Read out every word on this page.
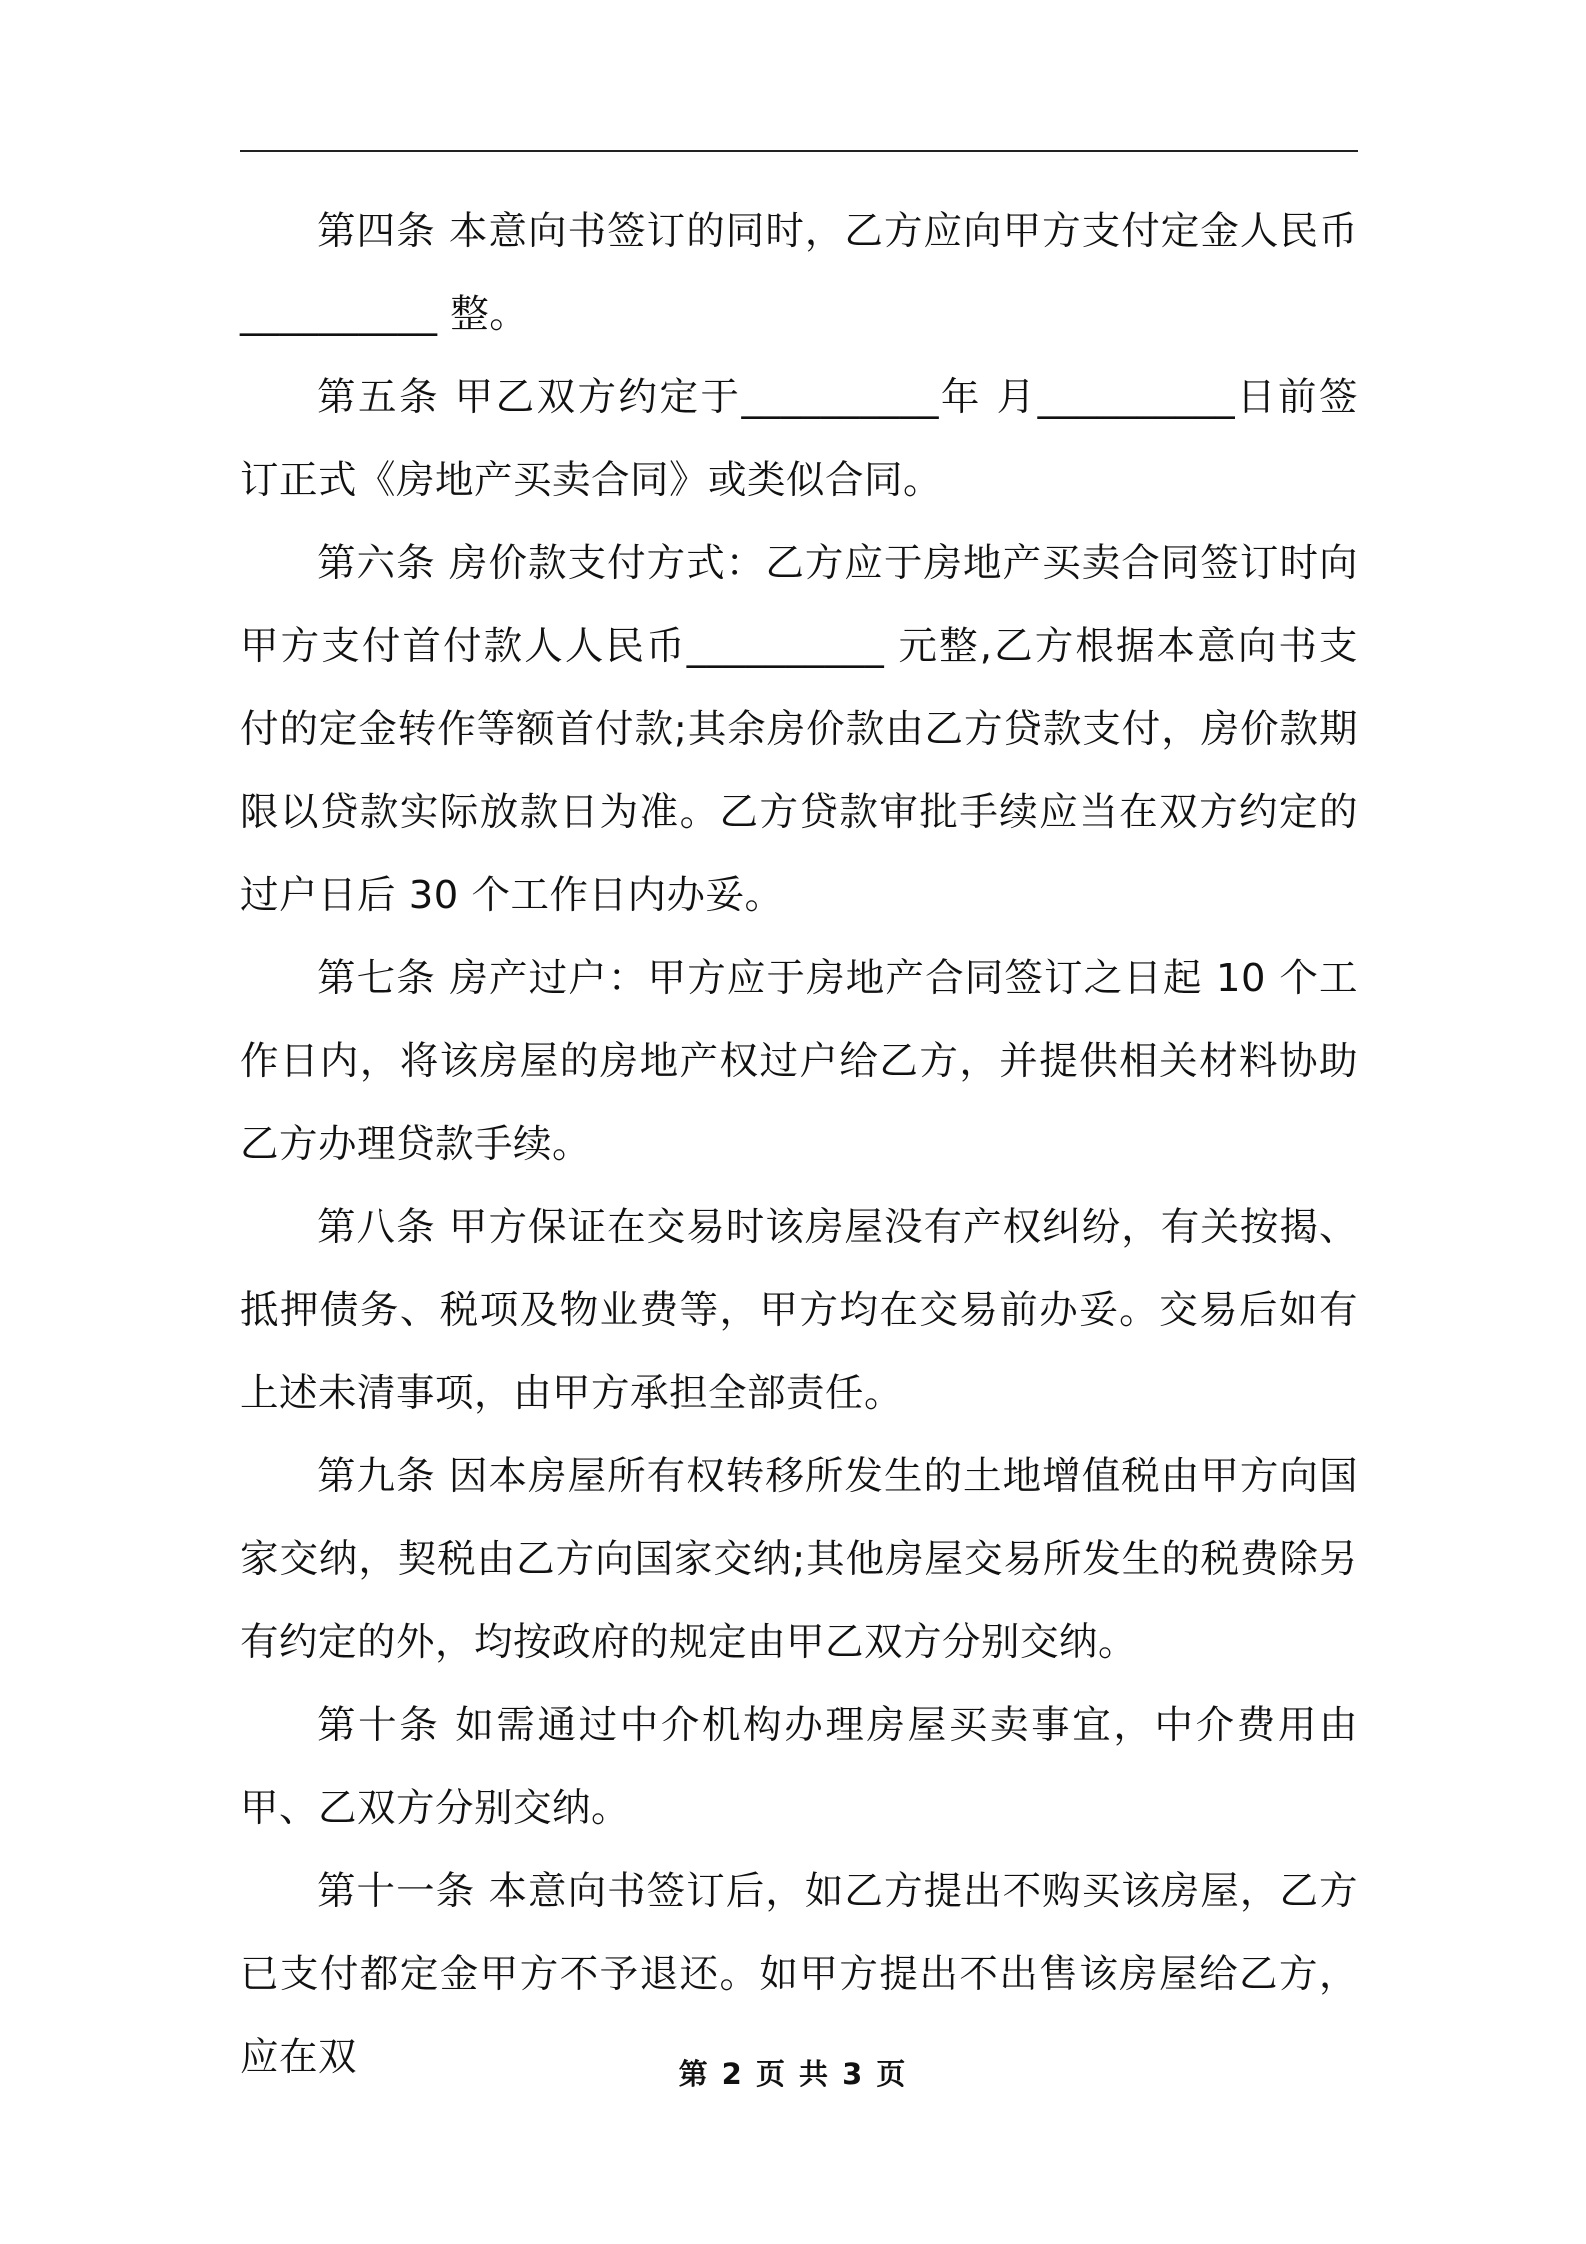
第四条 本意向书签订的同时，乙方应向甲方支付定金人民币__________ 整。

第五条 甲乙双方约定于__________年 月__________日前签订正式《房地产买卖合同》或类似合同。

第六条 房价款支付方式：乙方应于房地产买卖合同签订时向甲方支付首付款人人民币__________ 元整,乙方根据本意向书支付的定金转作等额首付款;其余房价款由乙方贷款支付，房价款期限以贷款实际放款日为准。乙方贷款审批手续应当在双方约定的过户日后 30 个工作日内办妥。

第七条 房产过户：甲方应于房地产合同签订之日起 10 个工作日内，将该房屋的房地产权过户给乙方，并提供相关材料协助乙方办理贷款手续。

第八条 甲方保证在交易时该房屋没有产权纠纷，有关按揭、抵押债务、税项及物业费等，甲方均在交易前办妥。交易后如有上述未清事项，由甲方承担全部责任。

第九条 因本房屋所有权转移所发生的土地增值税由甲方向国家交纳，契税由乙方向国家交纳;其他房屋交易所发生的税费除另有约定的外，均按政府的规定由甲乙双方分别交纳。

第十条 如需通过中介机构办理房屋买卖事宜，中介费用由甲、乙双方分别交纳。

第十一条 本意向书签订后，如乙方提出不购买该房屋，乙方已支付都定金甲方不予退还。如甲方提出不出售该房屋给乙方，应在双	第 2 页 共 3 页
